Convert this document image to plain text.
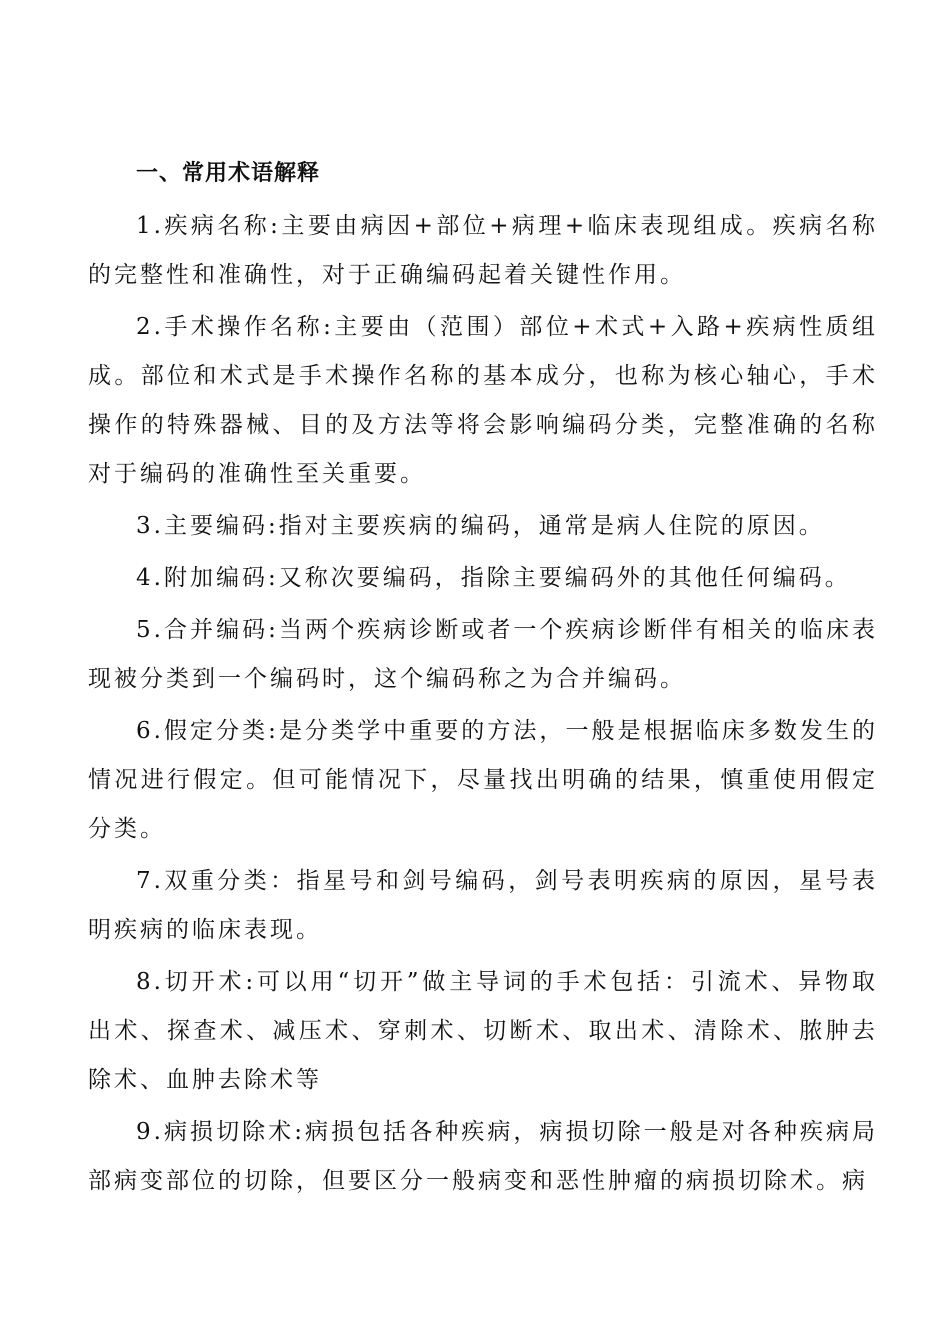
一、常用术语解释

1.疾病名称:主要由病因+部位+病理+临床表现组成。疾病名称的完整性和准确性，对于正确编码起着关键性作用。

2.手术操作名称:主要由（范围）部位+术式+入路+疾病性质组成。部位和术式是手术操作名称的基本成分，也称为核心轴心，手术操作的特殊器械、目的及方法等将会影响编码分类，完整准确的名称对于编码的准确性至关重要。

3.主要编码:指对主要疾病的编码，通常是病人住院的原因。

4.附加编码:又称次要编码，指除主要编码外的其他任何编码。

5.合并编码:当两个疾病诊断或者一个疾病诊断伴有相关的临床表现被分类到一个编码时，这个编码称之为合并编码。

6.假定分类:是分类学中重要的方法，一般是根据临床多数发生的情况进行假定。但可能情况下，尽量找出明确的结果，慎重使用假定分类。

7.双重分类：指星号和剑号编码，剑号表明疾病的原因，星号表明疾病的临床表现。

8.切开术:可以用“切开”做主导词的手术包括：引流术、异物取出术、探查术、减压术、穿刺术、切断术、取出术、清除术、脓肿去除术、血肿去除术等

9.病损切除术:病损包括各种疾病，病损切除一般是对各种疾病局部病变部位的切除，但要区分一般病变和恶性肿瘤的病损切除术。病
